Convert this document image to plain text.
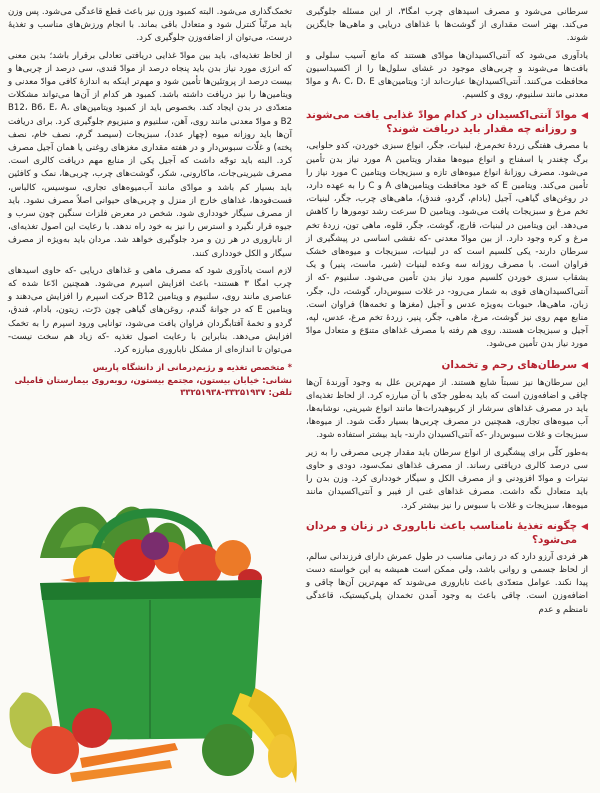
سرطانی می‌شود و مصرف اسیدهای چرب امگا۳، از این مسئله جلوگیری می‌کند. بهتر است مقداری از گوشت‌ها با غذاهای دریایی و ماهی‌ها جایگزین شوند.

یادآوری می‌شود که آنتی‌اکسیدان‌ها موادّی هستند که مانع آسیب سلولی و بافت‌ها می‌شوند و چربی‌های موجود در غشای سلول‌ها را از اکسیداسیون محافظت می‌کنند. آنتی‌اکسیدان‌ها عبارت‌اند از: ویتامین‌های A، C، D، E و موادّ معدنی مانند سلنیوم، روی و کلسیم.

◀
موادّ آنتی‌اکسیدان در کدام موادّ غذایی یافت می‌شوند و روزانه چه مقدار باید دریافت شوند؟

با مصرف هفتگی زردهٔ تخم‌مرغ، لبنیات، جگر، انواع سبزی خوردن، کدو حلوایی، برگ چغندر یا اسفناج و انواع میوه‌ها مقدار ویتامین A مورد نیاز بدن تأمین می‌شود. مصرف روزانهٔ انواع میوه‌های تازه و سبزیجات ویتامین C مورد نیاز را تأمین می‌کند. ویتامین E که خود محافظت ویتامین‌های A و C را به عهده دارد، در روغن‌های گیاهی، آجیل (بادام، گردو، فندق)، ماهی‌های چرب، جگر، لبنیات، تخم مرغ و سبزیجات یافت می‌شود. ویتامین D سرعت رشد تومورها را کاهش می‌دهد. این ویتامین در لبنیات، قارچ، گوشت، جگر، قلوه، ماهی تون، زردهٔ تخم مرغ و کره وجود دارد. از بین موادّ معدنی -که نقشی اساسی در پیشگیری از سرطان دارند- یکی کلسیم است که در لبنیات، سبزیجات و میوه‌های خشک فراوان است. با مصرف روزانه سه وعده لبنیات (شیر، ماست، پنیر) و یک بشقاب سبزی خوردن کلسیم مورد نیاز بدن تأمین می‌شود. سلنیوم -که از آنتی‌اکسیدان‌های قوی به شمار می‌رود- در غلات سبوس‌دار، گوشت، دل، جگر، زبان، ماهی‌ها، حبوبات به‌ویژه عدس و آجیل (مغزها و تخمه‌ها) فراوان است. منابع مهم روی نیز گوشت، مرغ، ماهی، جگر، پنیر، زردهٔ تخم مرغ، عدس، لپه، آجیل و سبزیجات هستند. روی هم رفته با مصرف غذاهای متنوّع و متعادل موادّ مورد نیاز بدن تأمین می‌شود.

◀
سرطان‌های رحم و تخمدان

این سرطان‌ها نیز نسبتاً شایع هستند. از مهم‌ترین علل به وجود آورندهٔ آن‌ها چاقی و اضافه‌وزن است که باید به‌طور جدّی با آن مبارزه کرد. از لحاظ تغذیه‌ای باید در مصرف غذاهای سرشار از کربوهیدرات‌ها مانند انواع شیرینی، نوشابه‌ها، آب میوه‌های تجاری، همچنین در مصرف چربی‌ها بسیار دقّت شود. از میوه‌ها، سبزیجات و غلات سبوس‌دار -که آنتی‌اکسیدان دارند- باید بیشتر استفاده شود.

به‌طور کلّی برای پیشگیری از انواع سرطان باید مقدار چربی مصرفی را به زیر سی درصد کالری دریافتی رساند. از مصرف غذاهای نمک‌سود، دودی و حاوی نیترات و موادّ افزودنی و از مصرف الکل و سیگار خودداری کرد. وزن بدن را باید متعادل نگه داشت. مصرف غذاهای غنی از فیبر و آنتی‌اکسیدان مانند میوه‌ها، سبزیجات و غلات با سبوس را نیز بیشتر کرد.

◀
چگونه تغذیهٔ نامناسب باعث ناباروری در زنان و مردان می‌شود؟

هر فردی آرزو دارد که در زمانی مناسب در طول عمرش دارای فرزندانی سالم، از لحاظ جسمی و روانی باشد، ولی ممکن است همیشه به این خواسته دست پیدا نکند. عوامل متعدّدی باعث ناباروری می‌شوند که مهم‌ترین آن‌ها چاقی و اضافه‌وزن است. چاقی باعث به وجود آمدن تخمدان پلی‌کیستیک، قاعدگی نامنظم و عدم

تخمک‌گذاری می‌شود. البته کمبود وزن نیز باعث قطع قاعدگی می‌شود. پس وزن باید مرتّباً کنترل شود و متعادل باقی بماند. با انجام ورزش‌های مناسب و تغذیهٔ درست، می‌توان از اضافه‌وزن جلوگیری کرد.

از لحاظ تغذیه‌ای، باید بین موادّ غذایی دریافتی تعادلی برقرار باشد؛ بدین معنی که انرژی مورد نیاز بدن باید پنجاه درصد از موادّ قندی، سی درصد از چربی‌ها و بیست درصد از پروتئین‌ها تأمین شود و مهم‌تر اینکه به اندازهٔ کافی موادّ معدنی و ویتامین‌ها را نیز دریافت داشته باشد. کمبود هر کدام از آن‌ها می‌تواند مشکلات متعدّدی در بدن ایجاد کند. بخصوص باید از کمبود ویتامین‌های B12، B6، E، A، B2 و موادّ معدنی مانند روی، آهن، سلنیوم و منیزیوم جلوگیری کرد. برای دریافت آن‌ها باید روزانه میوه (چهار عدد)، سبزیجات (سیصد گرم، نصف خام، نصف پخته) و غلّات سبوس‌دار و در هفته مقداری مغزهای روغنی یا همان آجیل مصرف کرد. البته باید توجّه داشت که آجیل یکی از منابع مهم دریافت کالری است. مصرف شیرینی‌جات، ماکارونی، شکر، گوشت‌های چرب، چربی‌ها، نمک و کافئین باید بسیار کم باشد و موادّی مانند آب‌میوه‌های تجاری، سوسیس، کالباس، فست‌فودها، غذاهای خارج از منزل و چربی‌های حیوانی اصلاً مصرف نشود. باید از مصرف سیگار خودداری شود. شخص در معرض فلزات سنگین چون سرب و جیوه قرار نگیرد و استرس را نیز به خود راه ندهد. با رعایت این اصول تغذیه‌ای، از ناباروری در هر زن و مرد جلوگیری خواهد شد. مردان باید به‌ویژه از مصرف سیگار و الکل خودداری کنند.

لازم است یادآوری شود که مصرف ماهی و غذاهای دریایی -که حاوی اسیدهای چرب امگا ۳ هستند- باعث افزایش اسپرم می‌شود. همچنین ادّعا شده که عناصری مانند روی، سلنیوم و ویتامین B12 حرکت اسپرم را افزایش می‌دهند و ویتامین E که در جوانهٔ گندم، روغن‌های گیاهی چون ذرّت، زیتون، بادام، فندق، گردو و تخمهٔ آفتابگردان فراوان یافت می‌شود، توانایی ورود اسپرم را به تخمک افزایش می‌دهد. بنابراین با رعایت اصول تغذیه -که زیاد هم سخت نیست- می‌توان تا اندازه‌ای از مشکل ناباروری مبارزه کرد.

* متخصص تغذیه و رژیم‌درمانی از دانشگاه پاریس
نشانی: خیابان بیستون، مجتمع بیستون، روبه‌روی بیمارستان فامیلی
تلفن: ۳۳۲۵۱۹۳۷-۳۳۲۵۱۹۳۸
